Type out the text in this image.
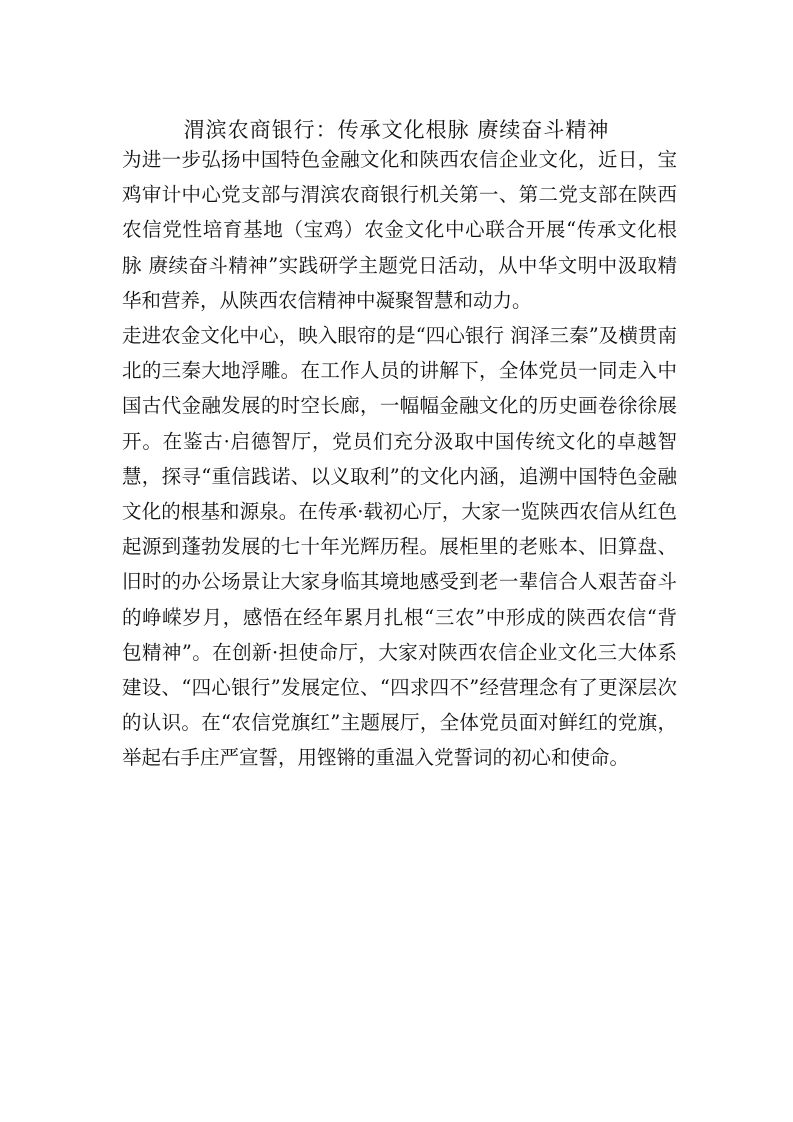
渭滨农商银行：传承文化根脉 赓续奋斗精神

为进一步弘扬中国特色金融文化和陕西农信企业文化，近日，宝鸡审计中心党支部与渭滨农商银行机关第一、第二党支部在陕西农信党性培育基地（宝鸡）农金文化中心联合开展“传承文化根脉 赓续奋斗精神”实践研学主题党日活动，从中华文明中汲取精华和营养，从陕西农信精神中凝聚智慧和动力。

走进农金文化中心，映入眼帘的是“四心银行 润泽三秦”及横贯南北的三秦大地浮雕。在工作人员的讲解下，全体党员一同走入中国古代金融发展的时空长廊，一幅幅金融文化的历史画卷徐徐展开。在鉴古·启德智厅，党员们充分汲取中国传统文化的卓越智慧，探寻“重信践诺、以义取利”的文化内涵，追溯中国特色金融文化的根基和源泉。在传承·载初心厅，大家一览陕西农信从红色起源到蓬勃发展的七十年光辉历程。展柜里的老账本、旧算盘、旧时的办公场景让大家身临其境地感受到老一辈信合人艰苦奋斗的峥嵘岁月，感悟在经年累月扎根“三农”中形成的陕西农信“背包精神”。在创新·担使命厅，大家对陕西农信企业文化三大体系建设、“四心银行”发展定位、“四求四不”经营理念有了更深层次的认识。在“农信党旗红”主题展厅，全体党员面对鲜红的党旗，举起右手庄严宣誓，用铿锵的重温入党誓词的初心和使命。
